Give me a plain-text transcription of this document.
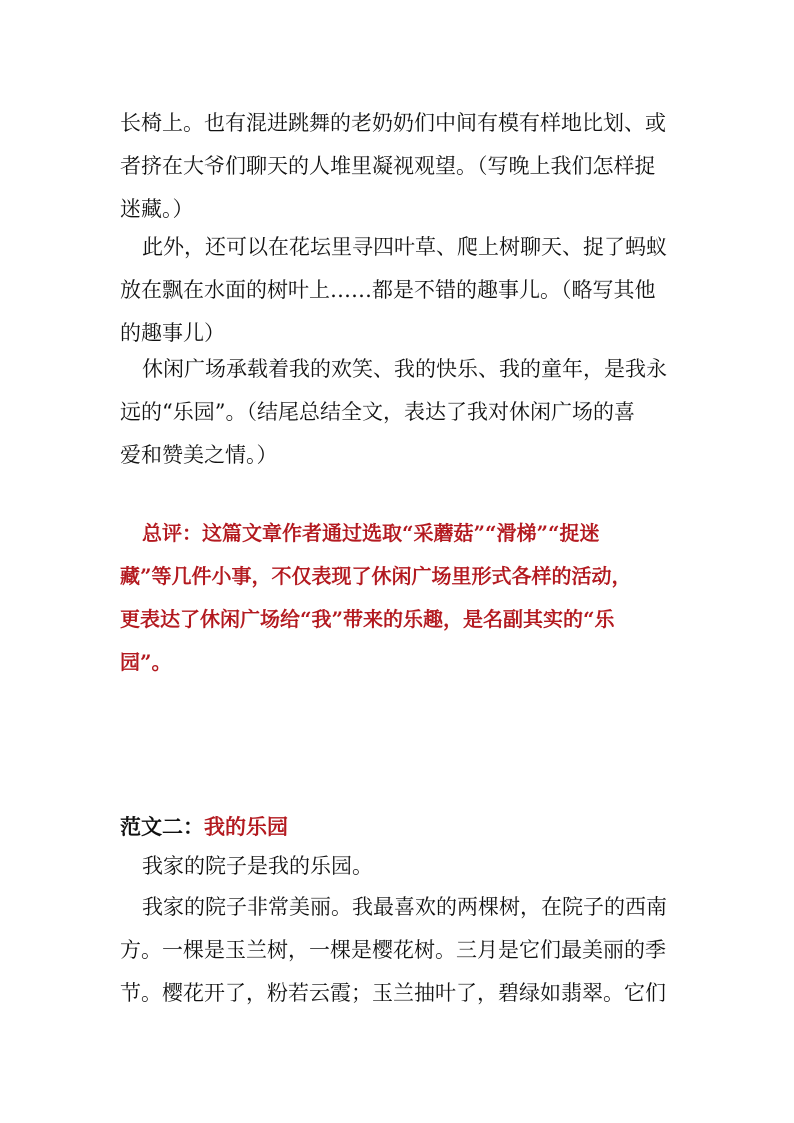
长椅上。也有混进跳舞的老奶奶们中间有模有样地比划、或
者挤在大爷们聊天的人堆里凝视观望。（写晚上我们怎样捉
迷藏。）
此外，还可以在花坛里寻四叶草、爬上树聊天、捉了蚂蚁
放在飘在水面的树叶上……都是不错的趣事儿。（略写其他
的趣事儿）
休闲广场承载着我的欢笑、我的快乐、我的童年，是我永
远的“乐园”。（结尾总结全文，表达了我对休闲广场的喜
爱和赞美之情。）
总评：这篇文章作者通过选取“采蘑菇”“滑梯”“捉迷
藏”等几件小事，不仅表现了休闲广场里形式各样的活动，
更表达了休闲广场给“我”带来的乐趣，是名副其实的“乐
园”。
范文二：我的乐园
我家的院子是我的乐园。
我家的院子非常美丽。我最喜欢的两棵树，在院子的西南
方。一棵是玉兰树，一棵是樱花树。三月是它们最美丽的季
节。樱花开了，粉若云霞；玉兰抽叶了，碧绿如翡翠。它们
